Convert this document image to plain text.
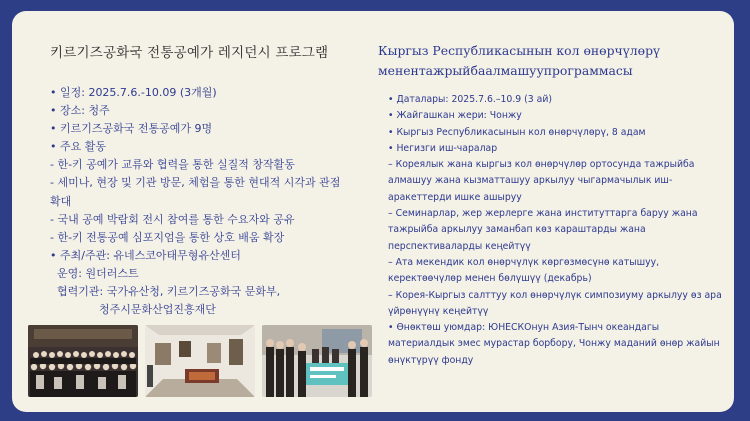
키르기즈공화국 전통공예가 레지던시 프로그램
• 일정: 2025.7.6.-10.09 (3개월)
• 장소: 청주
• 키르기즈공화국 전통공예가 9명
• 주요 활동
- 한-키 공예가 교류와 협력을 통한 실질적 창작활동
- 세미나, 현장 및 기관 방문, 체험을 통한 현대적 시각과 관점
확대
- 국내 공예 박람회 전시 참여를 통한 수요자와 공유
- 한-키 전통공예 심포지엄을 통한 상호 배움 확장
• 주최/주관: 유네스코아태무형유산센터
운영: 원더러스트
협력기관: 국가유산청, 키르기즈공화국 문화부,
청주시문화산업진흥재단
Кыргыз Республикасынын кол өнөрчүлөрү
менентажрыйбаалмашуупрограммасы
• Даталары: 2025.7.6.–10.9 (3 ай)
• Жайгашкан жери: Чонжу
• Кыргыз Республикасынын кол өнөрчүлөрү, 8 адам
• Негизги иш-чаралар
– Кореялык жана кыргыз кол өнөрчүлөр ортосунда тажрыйба
алмашуу жана кызматташуу аркылуу чыгармачылык иш-
аракеттерди ишке ашыруу
– Семинарлар, жер жерлерге жана институттарга баруу жана
тажрыйба аркылуу заманбап көз караштарды жана
перспективаларды кеңейтүү
– Ата мекендик кол өнөрчүлүк көргөзмөсүнө катышуу,
керектөөчүлөр менен бөлүшүү (декабрь)
– Корея-Кыргыз салттуу кол өнөрчүлүк симпозиуму аркылуу өз ара
үйрөнүүнү кеңейтүү
• Өнөктөш уюмдар: ЮНЕСКОнун Азия-Тынч океандагы
материалдык эмес мурастар борбору, Чонжу маданий өнөр жайын
өнүктүрүү фонду
